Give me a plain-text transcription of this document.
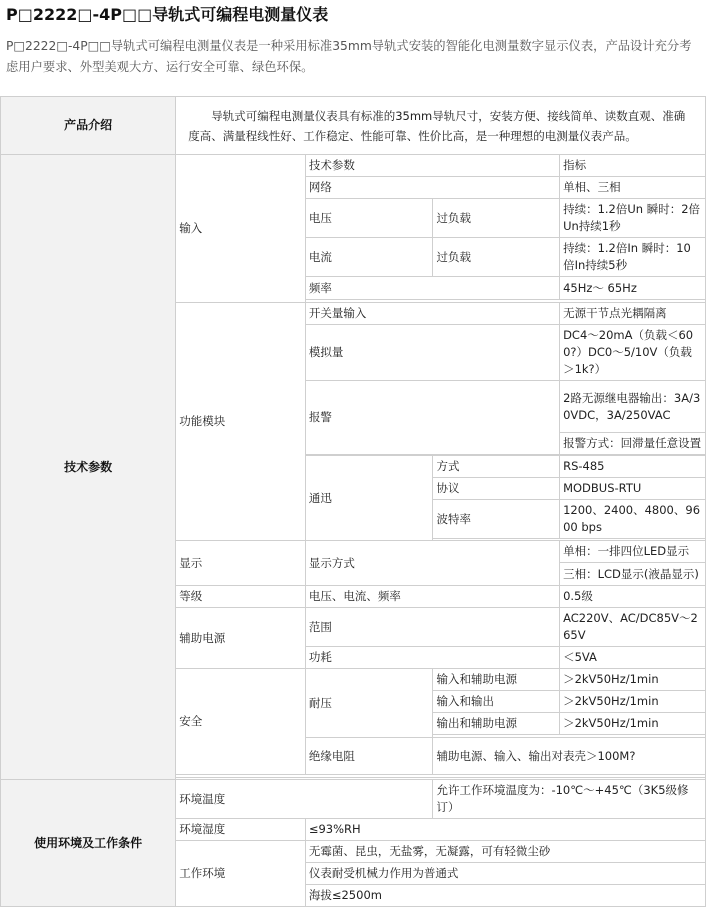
P□2222□-4P□□导轨式可编程电测量仪表
P□2222□-4P□□导轨式可编程电测量仪表是一种采用标准35mm导轨式安装的智能化电测量数字显示仪表，产品设计充分考虑用户要求、外型美观大方、运行安全可靠、绿色环保。
产品介绍	导轨式可编程电测量仪表具有标准的35mm导轨尺寸，安装方便、接线简单、读数直观、准确度高、满量程线性好、工作稳定、性能可靠、性价比高，是一种理想的电测量仪表产品。			
技术参数	输入	技术参数		指标
		网络		单相、三相
		电压	过负载	持续：1.2倍Un 瞬时：2倍Un持续1秒
		电流	过负载	持续：1.2倍In 瞬时：10倍In持续5秒
		频率		45Hz～ 65Hz

	功能模块	开关量输入		无源干节点光耦隔离
		模拟量		DC4～20mA（负载＜600?）DC0～5/10V（负载＞1k?）
		报警		2路无源继电器输出：3A/30VDC，3A/250VAC
				报警方式：回滞量任意设置

		通迅	方式	RS-485
			协议	MODBUS-RTU
			波特率	1200、2400、4800、9600 bps

	显示	显示方式		单相：一排四位LED显示
				三相：LCD显示(液晶显示)
	等级	电压、电流、频率		0.5级
	辅助电源	范围		AC220V、AC/DC85V～265V
		功耗		＜5VA
	安全	耐压	输入和辅助电源	＞2kV50Hz/1min
			输入和输出	＞2kV50Hz/1min
			输出和辅助电源	＞2kV50Hz/1min

		绝缘电阻	辅助电源、输入、输出对表壳＞100M?	

使用环境及工作条件	环境温度		允许工作环境温度为：-10℃～+45℃（3K5级修订）	
	环境湿度	≤93%RH		
	工作环境	无霉菌、昆虫，无盐雾，无凝露，可有轻微尘砂		
		仪表耐受机械力作用为普通式		
		海拔≤2500m		
